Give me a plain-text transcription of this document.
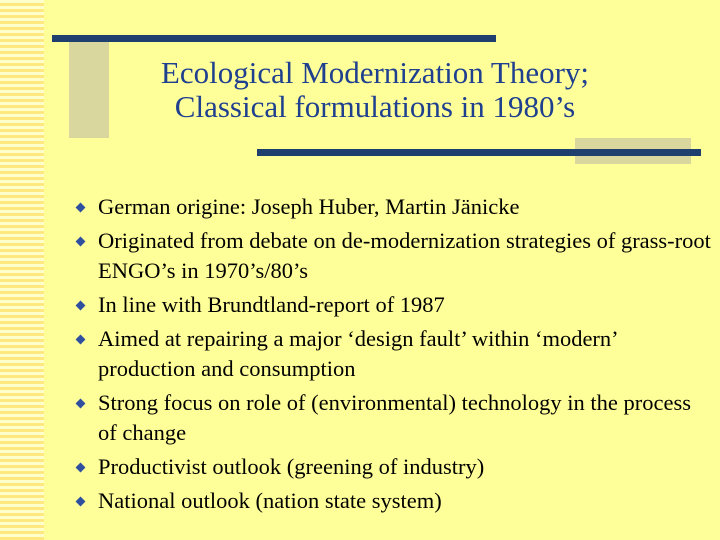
Ecological Modernization Theory;
Classical formulations in 1980’s
German origine: Joseph Huber, Martin Jänicke
Originated from debate on de-modernization strategies of grass-root ENGO’s in 1970’s/80’s
In line with Brundtland-report of 1987
Aimed at repairing a major ‘design fault’ within ‘modern’ production and consumption
Strong focus on role of (environmental) technology in the process of change
Productivist outlook (greening of industry)
National outlook (nation state system)
